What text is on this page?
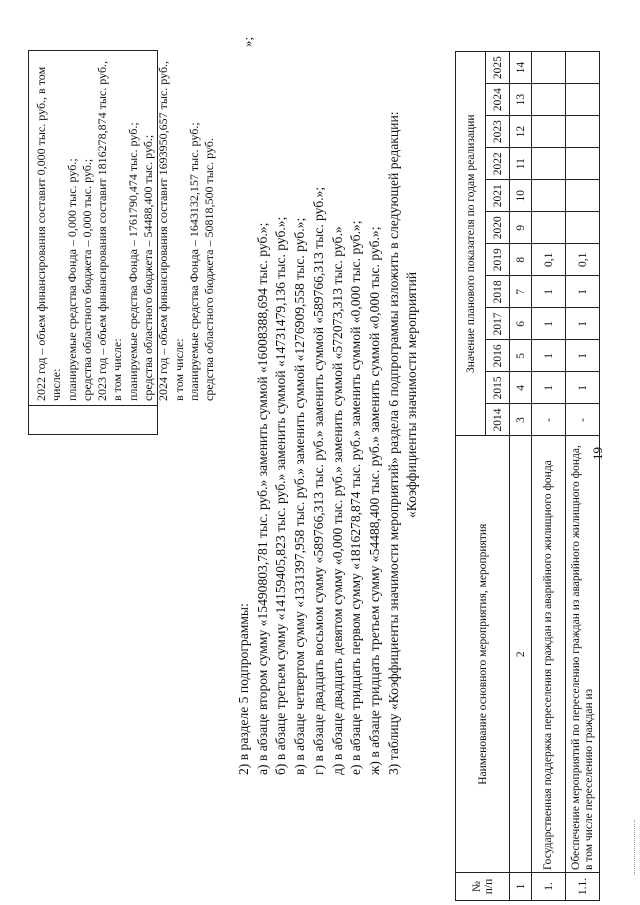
19
2022 год – объем финансирования составит 0,000 тыс. руб., в том числе: планируемые средства Фонда – 0,000 тыс. руб.; средства областного бюджета – 0,000 тыс. руб.; 2023 год – объем финансирования составит 1816278,874 тыс. руб., в том числе: планируемые средства Фонда – 1761790,474 тыс. руб.; средства областного бюджета – 54488,400 тыс. руб.; 2024 год – объем финансирования составит 1693950,657 тыс. руб., в том числе: планируемые средства Фонда – 1643132,157 тыс. руб.; средства областного бюджета – 50818,500 тыс. руб.
»;
2) в разделе 5 подпрограммы: а) в абзаце втором сумму «15490803,781 тыс. руб.» заменить суммой «16008388,694 тыс. руб.»; б) в абзаце третьем сумму «14159405,823 тыс. руб.» заменить суммой «14731479,136 тыс. руб.»; в) в абзаце четвертом сумму «1331397,958 тыс. руб.» заменить суммой «1276909,558 тыс. руб.»; г) в абзаце двадцать восьмом сумму «589766,313 тыс. руб.» заменить суммой «589766,313 тыс. руб.»; д) в абзаце двадцать девятом сумму «0,000 тыс. руб.» заменить суммой «572073,313 тыс. руб.» е) в абзаце тридцать первом сумму «1816278,874 тыс. руб.» заменить суммой «0,000 тыс. руб.»; ж) в абзаце тридцать третьем сумму «54488,400 тыс. руб.» заменить суммой «0,000 тыс. руб.»; 3) таблицу «Коэффициенты значимости мероприятий» раздела 6 подпрограммы изложить в следующей редакции: «Коэффициенты значимости мероприятий
№ п/п	Наименование основного мероприятия, мероприятия	Значение планового показателя по годам реализации											
		2014	2015	2016	2017	2018	2019	2020	2021	2022	2023	2024	2025
1	2	3	4	5	6	7	8	9	10	11	12	13	14
1.	Государственная поддержка переселения граждан из аварийного жилищного фонда	-	1	1	1	1	0,1						
1.1.	Обеспечение мероприятий по переселению граждан из аварийного жилищного фонда, в том числе переселению граждан из	-	1	1	1	1	0,1						
